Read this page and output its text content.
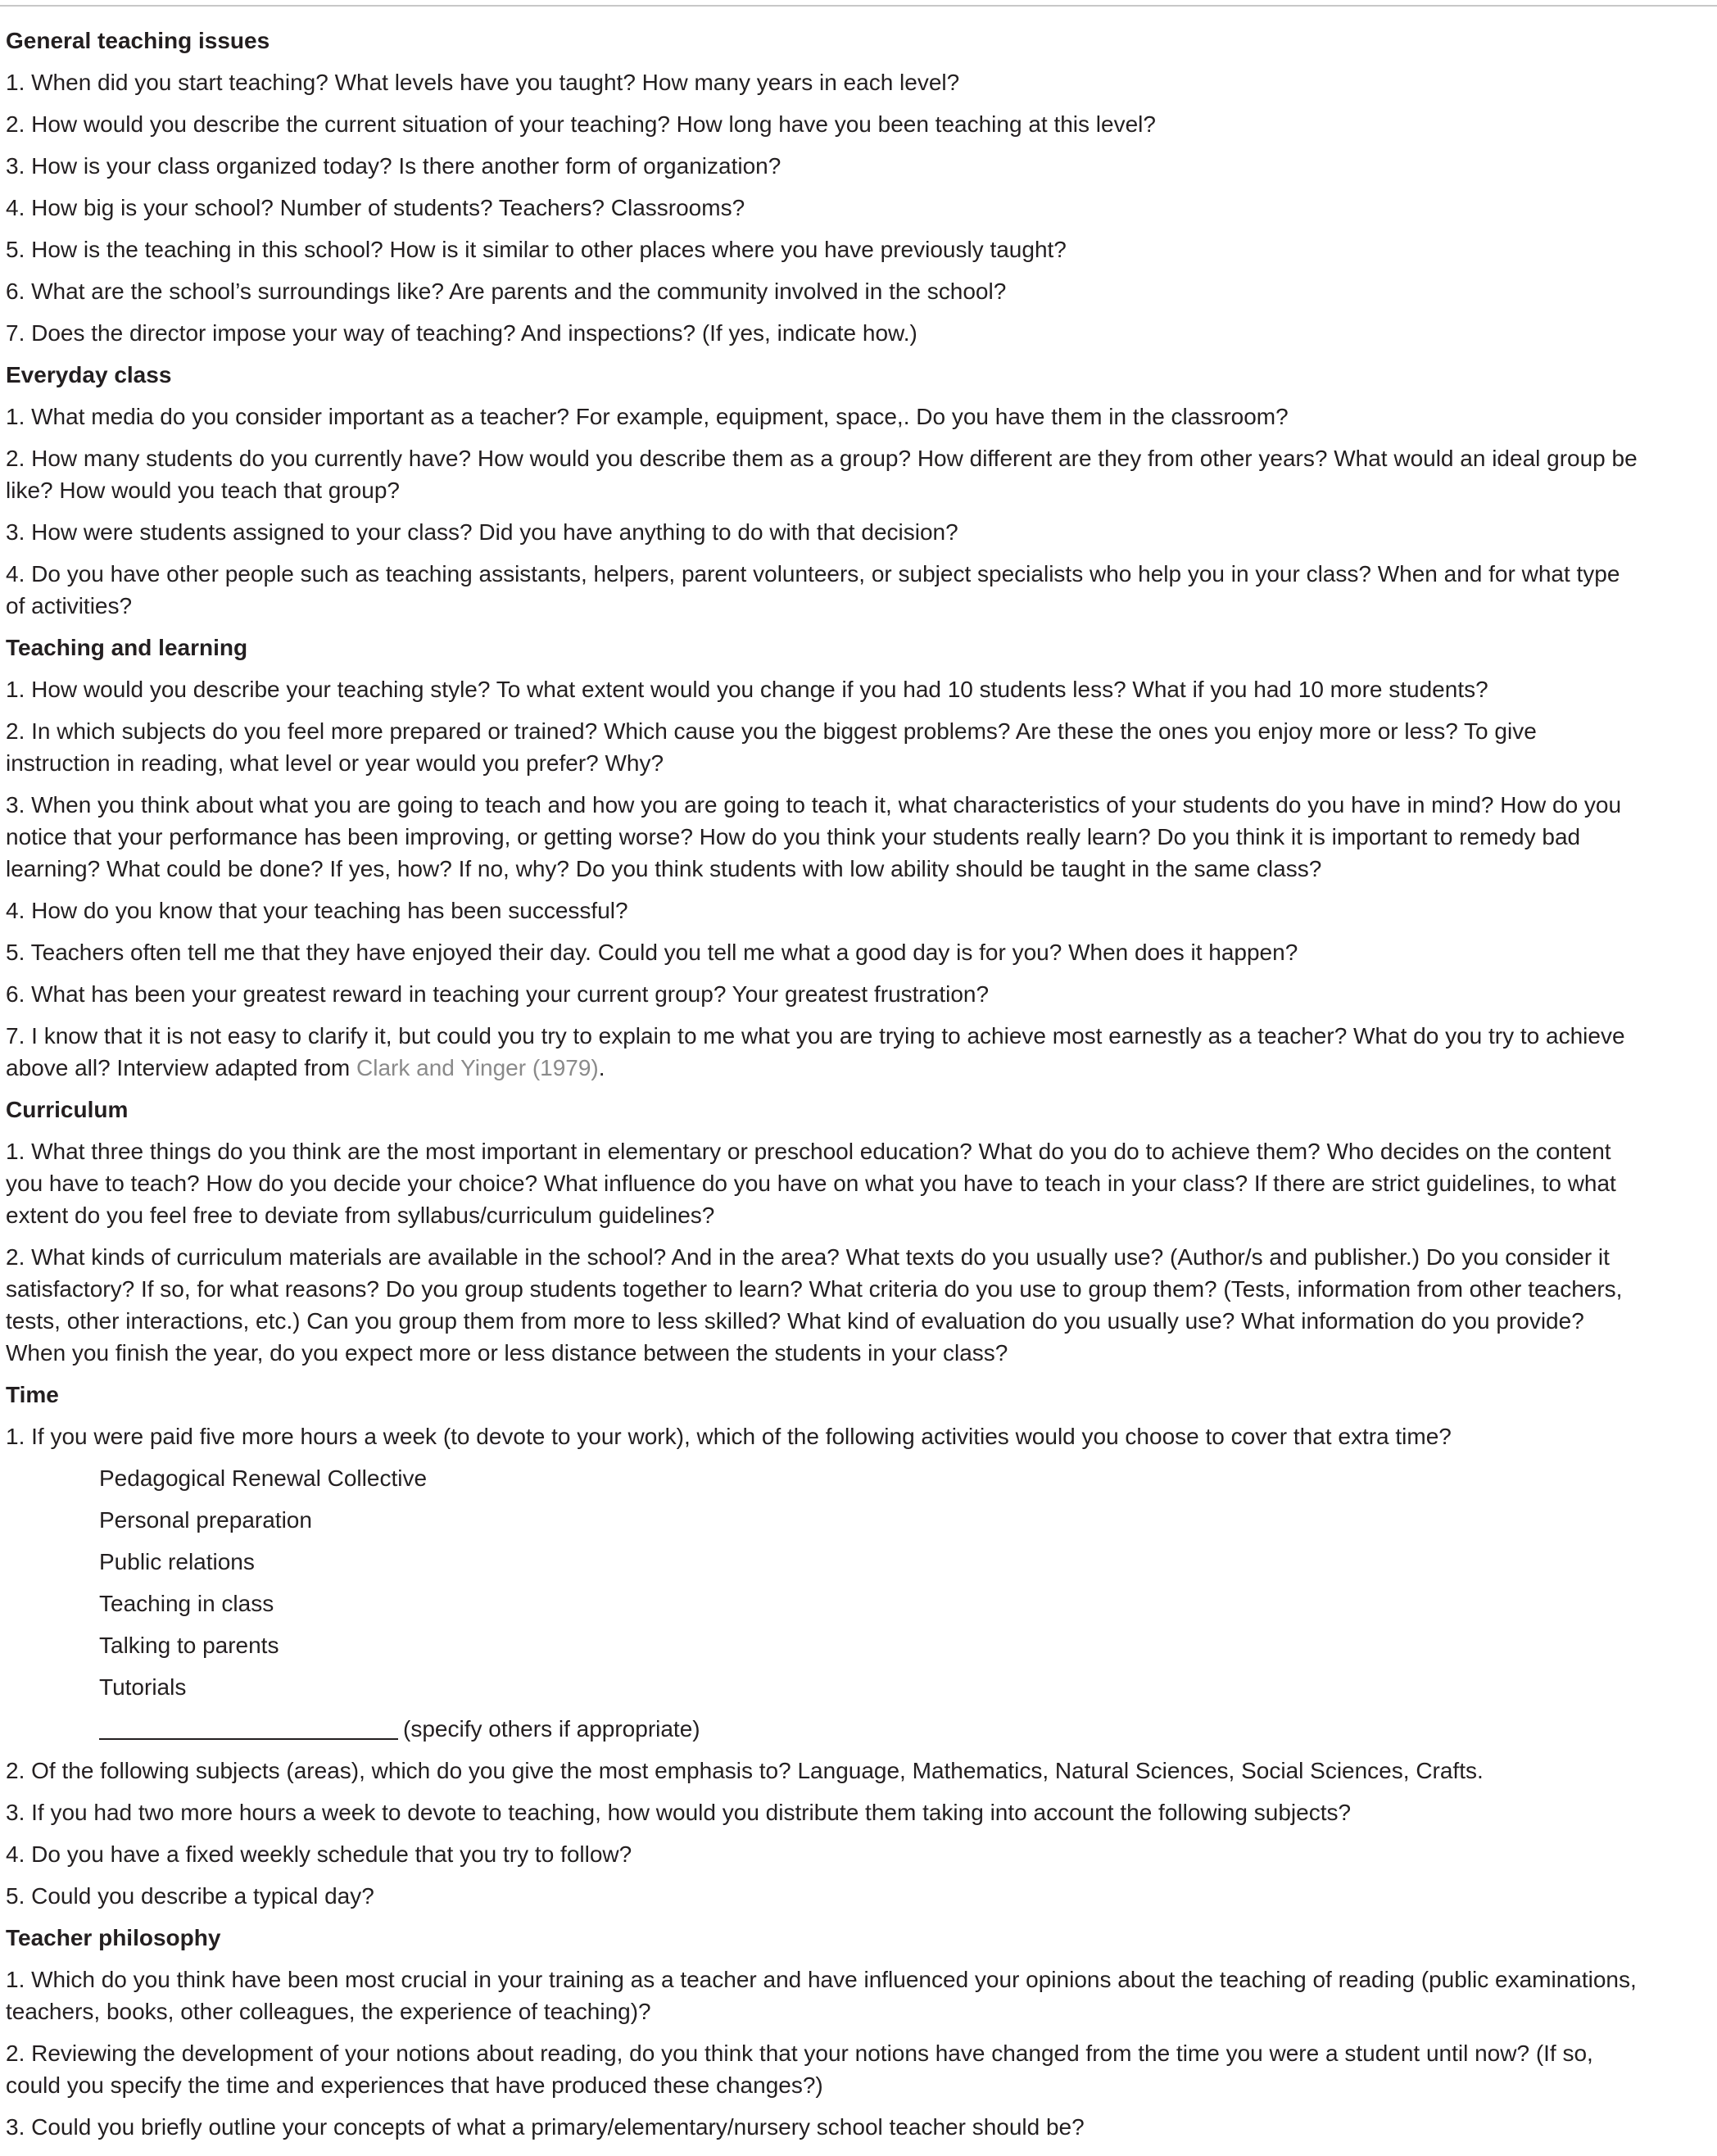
General teaching issues
1. When did you start teaching? What levels have you taught? How many years in each level?
2. How would you describe the current situation of your teaching? How long have you been teaching at this level?
3. How is your class organized today? Is there another form of organization?
4. How big is your school? Number of students? Teachers? Classrooms?
5. How is the teaching in this school? How is it similar to other places where you have previously taught?
6. What are the school’s surroundings like? Are parents and the community involved in the school?
7. Does the director impose your way of teaching? And inspections? (If yes, indicate how.)
Everyday class
1. What media do you consider important as a teacher? For example, equipment, space,. Do you have them in the classroom?
2. How many students do you currently have? How would you describe them as a group? How different are they from other years? What would an ideal group be like? How would you teach that group?
3. How were students assigned to your class? Did you have anything to do with that decision?
4. Do you have other people such as teaching assistants, helpers, parent volunteers, or subject specialists who help you in your class? When and for what type of activities?
Teaching and learning
1. How would you describe your teaching style? To what extent would you change if you had 10 students less? What if you had 10 more students?
2. In which subjects do you feel more prepared or trained? Which cause you the biggest problems? Are these the ones you enjoy more or less? To give instruction in reading, what level or year would you prefer? Why?
3. When you think about what you are going to teach and how you are going to teach it, what characteristics of your students do you have in mind? How do you notice that your performance has been improving, or getting worse? How do you think your students really learn? Do you think it is important to remedy bad learning? What could be done? If yes, how? If no, why? Do you think students with low ability should be taught in the same class?
4. How do you know that your teaching has been successful?
5. Teachers often tell me that they have enjoyed their day. Could you tell me what a good day is for you? When does it happen?
6. What has been your greatest reward in teaching your current group? Your greatest frustration?
7. I know that it is not easy to clarify it, but could you try to explain to me what you are trying to achieve most earnestly as a teacher? What do you try to achieve above all? Interview adapted from Clark and Yinger (1979).
Curriculum
1. What three things do you think are the most important in elementary or preschool education? What do you do to achieve them? Who decides on the content you have to teach? How do you decide your choice? What influence do you have on what you have to teach in your class? If there are strict guidelines, to what extent do you feel free to deviate from syllabus/curriculum guidelines?
2. What kinds of curriculum materials are available in the school? And in the area? What texts do you usually use? (Author/s and publisher.) Do you consider it satisfactory? If so, for what reasons? Do you group students together to learn? What criteria do you use to group them? (Tests, information from other teachers, tests, other interactions, etc.) Can you group them from more to less skilled? What kind of evaluation do you usually use? What information do you provide? When you finish the year, do you expect more or less distance between the students in your class?
Time
1. If you were paid five more hours a week (to devote to your work), which of the following activities would you choose to cover that extra time?
Pedagogical Renewal Collective
Personal preparation
Public relations
Teaching in class
Talking to parents
Tutorials
(specify others if appropriate)
2. Of the following subjects (areas), which do you give the most emphasis to? Language, Mathematics, Natural Sciences, Social Sciences, Crafts.
3. If you had two more hours a week to devote to teaching, how would you distribute them taking into account the following subjects?
4. Do you have a fixed weekly schedule that you try to follow?
5. Could you describe a typical day?
Teacher philosophy
1. Which do you think have been most crucial in your training as a teacher and have influenced your opinions about the teaching of reading (public examinations, teachers, books, other colleagues, the experience of teaching)?
2. Reviewing the development of your notions about reading, do you think that your notions have changed from the time you were a student until now? (If so, could you specify the time and experiences that have produced these changes?)
3. Could you briefly outline your concepts of what a primary/elementary/nursery school teacher should be?
